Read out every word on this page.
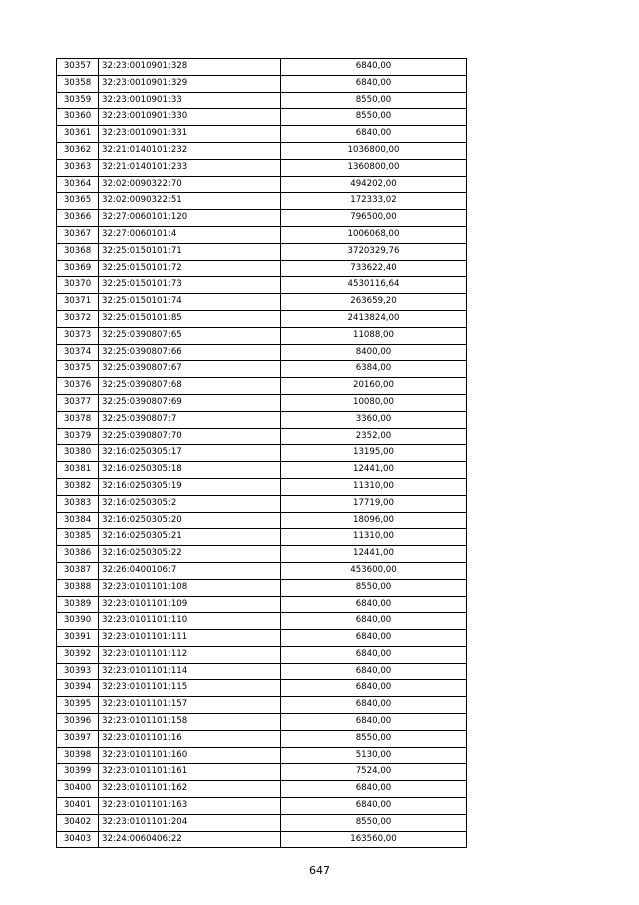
30357	32:23:0010901:328	6840,00
30358	32:23:0010901:329	6840,00
30359	32:23:0010901:33	8550,00
30360	32:23:0010901:330	8550,00
30361	32:23:0010901:331	6840,00
30362	32:21:0140101:232	1036800,00
30363	32:21:0140101:233	1360800,00
30364	32:02:0090322:70	494202,00
30365	32:02:0090322:51	172333,02
30366	32:27:0060101:120	796500,00
30367	32:27:0060101:4	1006068,00
30368	32:25:0150101:71	3720329,76
30369	32:25:0150101:72	733622,40
30370	32:25:0150101:73	4530116,64
30371	32:25:0150101:74	263659,20
30372	32:25:0150101:85	2413824,00
30373	32:25:0390807:65	11088,00
30374	32:25:0390807:66	8400,00
30375	32:25:0390807:67	6384,00
30376	32:25:0390807:68	20160,00
30377	32:25:0390807:69	10080,00
30378	32:25:0390807:7	3360,00
30379	32:25:0390807:70	2352,00
30380	32:16:0250305:17	13195,00
30381	32:16:0250305:18	12441,00
30382	32:16:0250305:19	11310,00
30383	32:16:0250305:2	17719,00
30384	32:16:0250305:20	18096,00
30385	32:16:0250305:21	11310,00
30386	32:16:0250305:22	12441,00
30387	32:26:0400106:7	453600,00
30388	32:23:0101101:108	8550,00
30389	32:23:0101101:109	6840,00
30390	32:23:0101101:110	6840,00
30391	32:23:0101101:111	6840,00
30392	32:23:0101101:112	6840,00
30393	32:23:0101101:114	6840,00
30394	32:23:0101101:115	6840,00
30395	32:23:0101101:157	6840,00
30396	32:23:0101101:158	6840,00
30397	32:23:0101101:16	8550,00
30398	32:23:0101101:160	5130,00
30399	32:23:0101101:161	7524,00
30400	32:23:0101101:162	6840,00
30401	32:23:0101101:163	6840,00
30402	32:23:0101101:204	8550,00
30403	32:24:0060406:22	163560,00
647
